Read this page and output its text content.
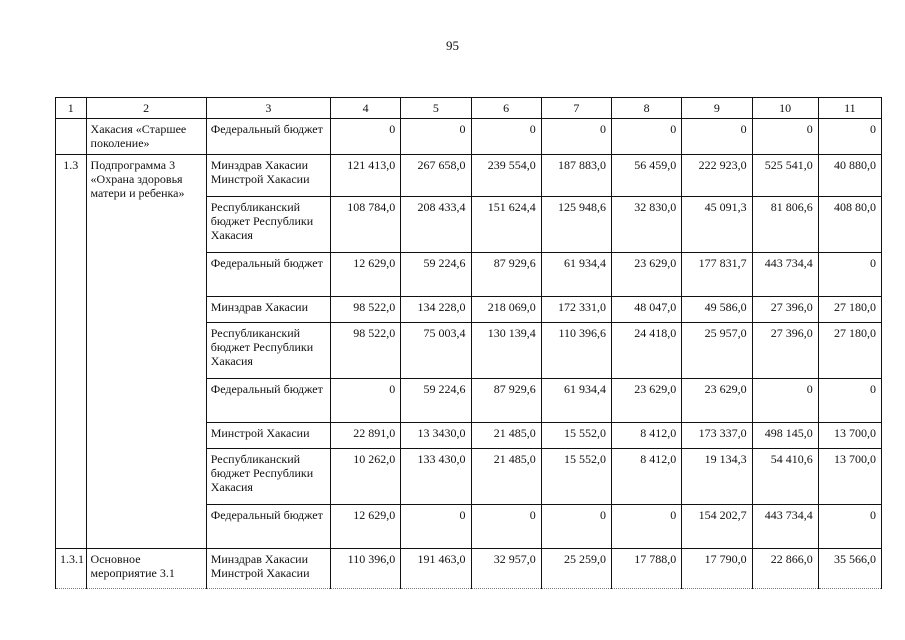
95
1	2	3	4	5	6	7	8	9	10	11
	Хакасия «Старшее поколение»	Федеральный бюджет	0	0	0	0	0	0	0	0
1.3	Подпрограмма 3 «Охрана здоровья матери и ребенка»	Минздрав Хакасии Минстрой Хакасии	121 413,0	267 658,0	239 554,0	187 883,0	56 459,0	222 923,0	525 541,0	40 880,0
		Республиканский бюджет Республики Хакасия	108 784,0	208 433,4	151 624,4	125 948,6	32 830,0	45 091,3	81 806,6	408 80,0
		Федеральный бюджет	12 629,0	59 224,6	87 929,6	61 934,4	23 629,0	177 831,7	443 734,4	0
		Минздрав Хакасии	98 522,0	134 228,0	218 069,0	172 331,0	48 047,0	49 586,0	27 396,0	27 180,0
		Республиканский бюджет Республики Хакасия	98 522,0	75 003,4	130 139,4	110 396,6	24 418,0	25 957,0	27 396,0	27 180,0
		Федеральный бюджет	0	59 224,6	87 929,6	61 934,4	23 629,0	23 629,0	0	0
		Минстрой Хакасии	22 891,0	13 3430,0	21 485,0	15 552,0	8 412,0	173 337,0	498 145,0	13 700,0
		Республиканский бюджет Республики Хакасия	10 262,0	133 430,0	21 485,0	15 552,0	8 412,0	19 134,3	54 410,6	13 700,0
		Федеральный бюджет	12 629,0	0	0	0	0	154 202,7	443 734,4	0
1.3.1	Основное мероприятие 3.1	Минздрав Хакасии Минстрой Хакасии	110 396,0	191 463,0	32 957,0	25 259,0	17 788,0	17 790,0	22 866,0	35 566,0
